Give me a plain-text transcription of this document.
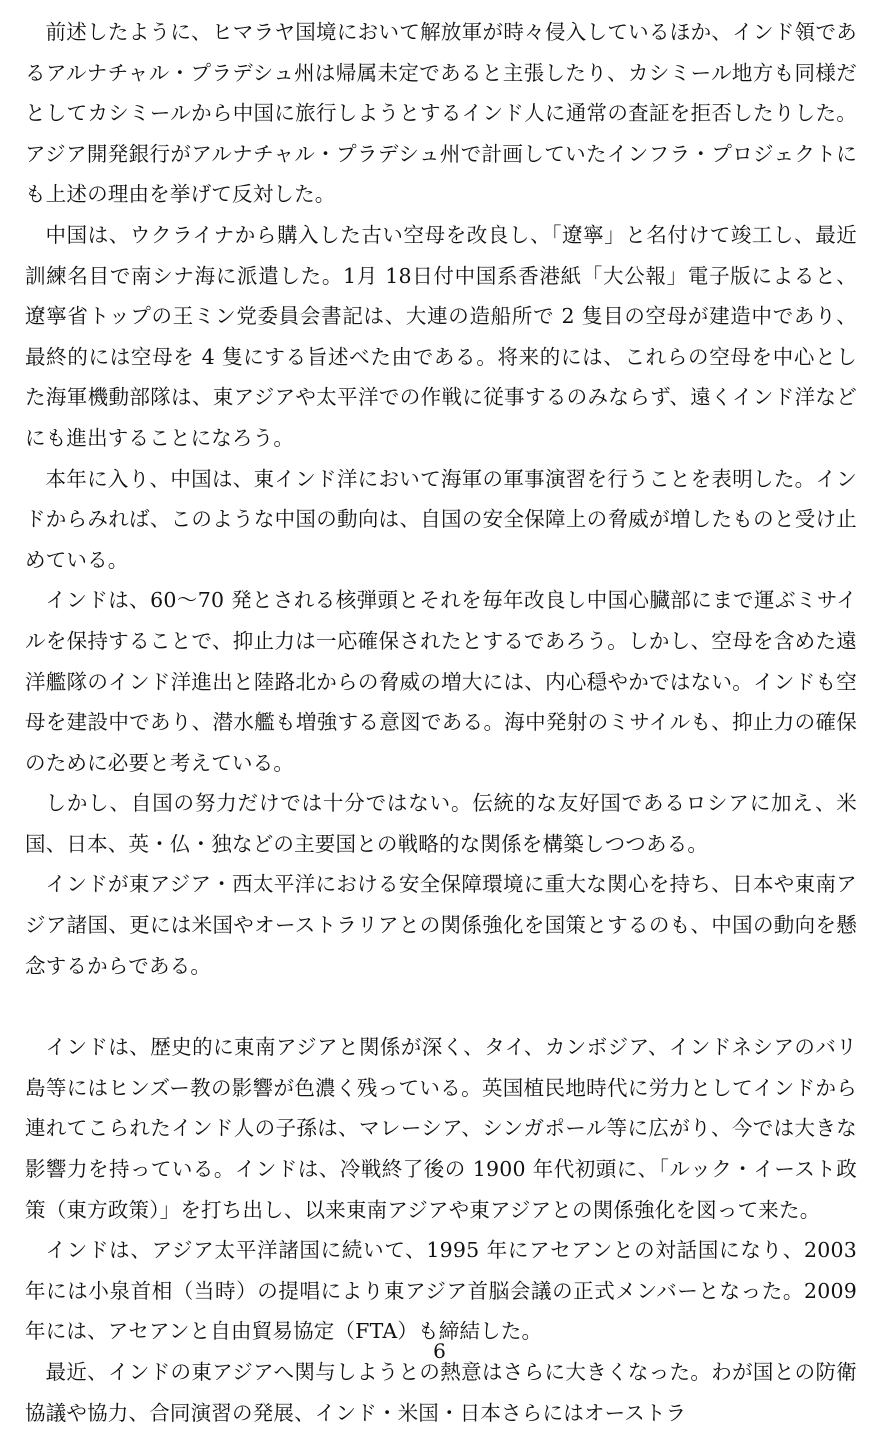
前述したように、ヒマラヤ国境において解放軍が時々侵入しているほか、インド領であるアルナチャル・プラデシュ州は帰属未定であると主張したり、カシミール地方も同様だとしてカシミールから中国に旅行しようとするインド人に通常の査証を拒否したりした。アジア開発銀行がアルナチャル・プラデシュ州で計画していたインフラ・プロジェクトにも上述の理由を挙げて反対した。

中国は、ウクライナから購入した古い空母を改良し、「遼寧」と名付けて竣工し、最近訓練名目で南シナ海に派遣した。1月 18日付中国系香港紙「大公報」電子版によると、遼寧省トップの王ミン党委員会書記は、大連の造船所で 2 隻目の空母が建造中であり、最終的には空母を 4 隻にする旨述べた由である。将来的には、これらの空母を中心とした海軍機動部隊は、東アジアや太平洋での作戦に従事するのみならず、遠くインド洋などにも進出することになろう。

本年に入り、中国は、東インド洋において海軍の軍事演習を行うことを表明した。インドからみれば、このような中国の動向は、自国の安全保障上の脅威が増したものと受け止めている。

インドは、60〜70 発とされる核弾頭とそれを毎年改良し中国心臓部にまで運ぶミサイルを保持することで、抑止力は一応確保されたとするであろう。しかし、空母を含めた遠洋艦隊のインド洋進出と陸路北からの脅威の増大には、内心穏やかではない。インドも空母を建設中であり、潜水艦も増強する意図である。海中発射のミサイルも、抑止力の確保のために必要と考えている。

しかし、自国の努力だけでは十分ではない。伝統的な友好国であるロシアに加え、米国、日本、英・仏・独などの主要国との戦略的な関係を構築しつつある。

インドが東アジア・西太平洋における安全保障環境に重大な関心を持ち、日本や東南アジア諸国、更には米国やオーストラリアとの関係強化を国策とするのも、中国の動向を懸念するからである。

インドは、歴史的に東南アジアと関係が深く、タイ、カンボジア、インドネシアのバリ島等にはヒンズー教の影響が色濃く残っている。英国植民地時代に労力としてインドから連れてこられたインド人の子孫は、マレーシア、シンガポール等に広がり、今では大きな影響力を持っている。インドは、冷戦終了後の 1900 年代初頭に、「ルック・イースト政策（東方政策）」を打ち出し、以来東南アジアや東アジアとの関係強化を図って来た。

インドは、アジア太平洋諸国に続いて、1995 年にアセアンとの対話国になり、2003 年には小泉首相（当時）の提唱により東アジア首脳会議の正式メンバーとなった。2009 年には、アセアンと自由貿易協定（FTA）も締結した。

最近、インドの東アジアへ関与しようとの熱意はさらに大きくなった。わが国との防衛協議や協力、合同演習の発展、インド・米国・日本さらにはオーストラ

6
